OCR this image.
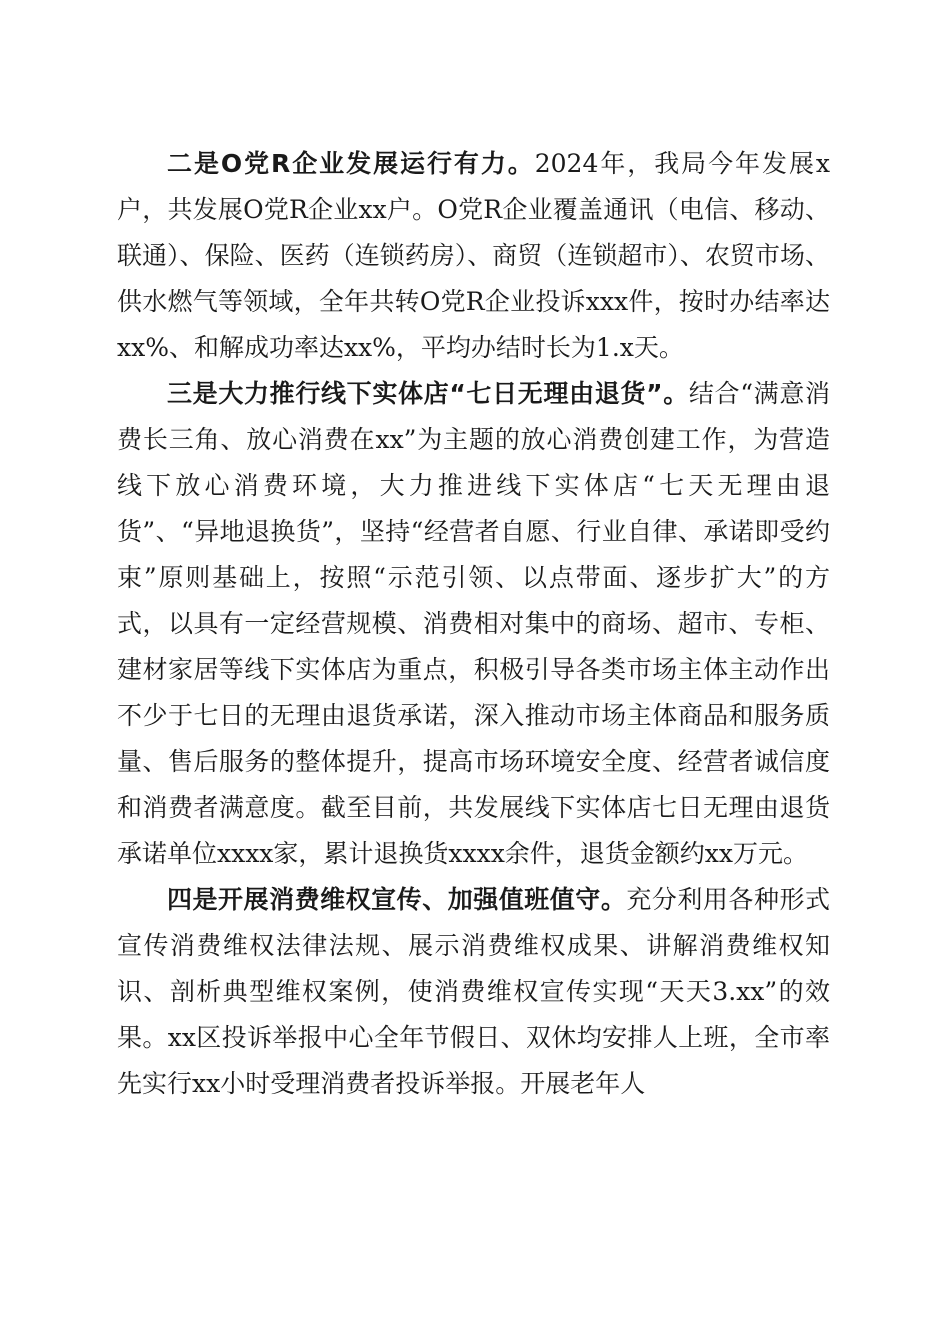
二是O党R企业发展运行有力。2024年，我局今年发展x户，共发展O党R企业xx户。O党R企业覆盖通讯（电信、移动、联通）、保险、医药（连锁药房）、商贸（连锁超市）、农贸市场、供水燃气等领域，全年共转O党R企业投诉xxx件，按时办结率达xx%、和解成功率达xx%，平均办结时长为1.x天。

三是大力推行线下实体店“七日无理由退货”。结合“满意消费长三角、放心消费在xx”为主题的放心消费创建工作，为营造线下放心消费环境，大力推进线下实体店“七天无理由退货”、“异地退换货”，坚持“经营者自愿、行业自律、承诺即受约束”原则基础上，按照“示范引领、以点带面、逐步扩大”的方式，以具有一定经营规模、消费相对集中的商场、超市、专柜、建材家居等线下实体店为重点，积极引导各类市场主体主动作出不少于七日的无理由退货承诺，深入推动市场主体商品和服务质量、售后服务的整体提升，提高市场环境安全度、经营者诚信度和消费者满意度。截至目前，共发展线下实体店七日无理由退货承诺单位xxxx家，累计退换货xxxx余件，退货金额约xx万元。

四是开展消费维权宣传、加强值班值守。充分利用各种形式宣传消费维权法律法规、展示消费维权成果、讲解消费维权知识、剖析典型维权案例，使消费维权宣传实现“天天3.xx”的效果。xx区投诉举报中心全年节假日、双休均安排人上班，全市率先实行xx小时受理消费者投诉举报。开展老年人
